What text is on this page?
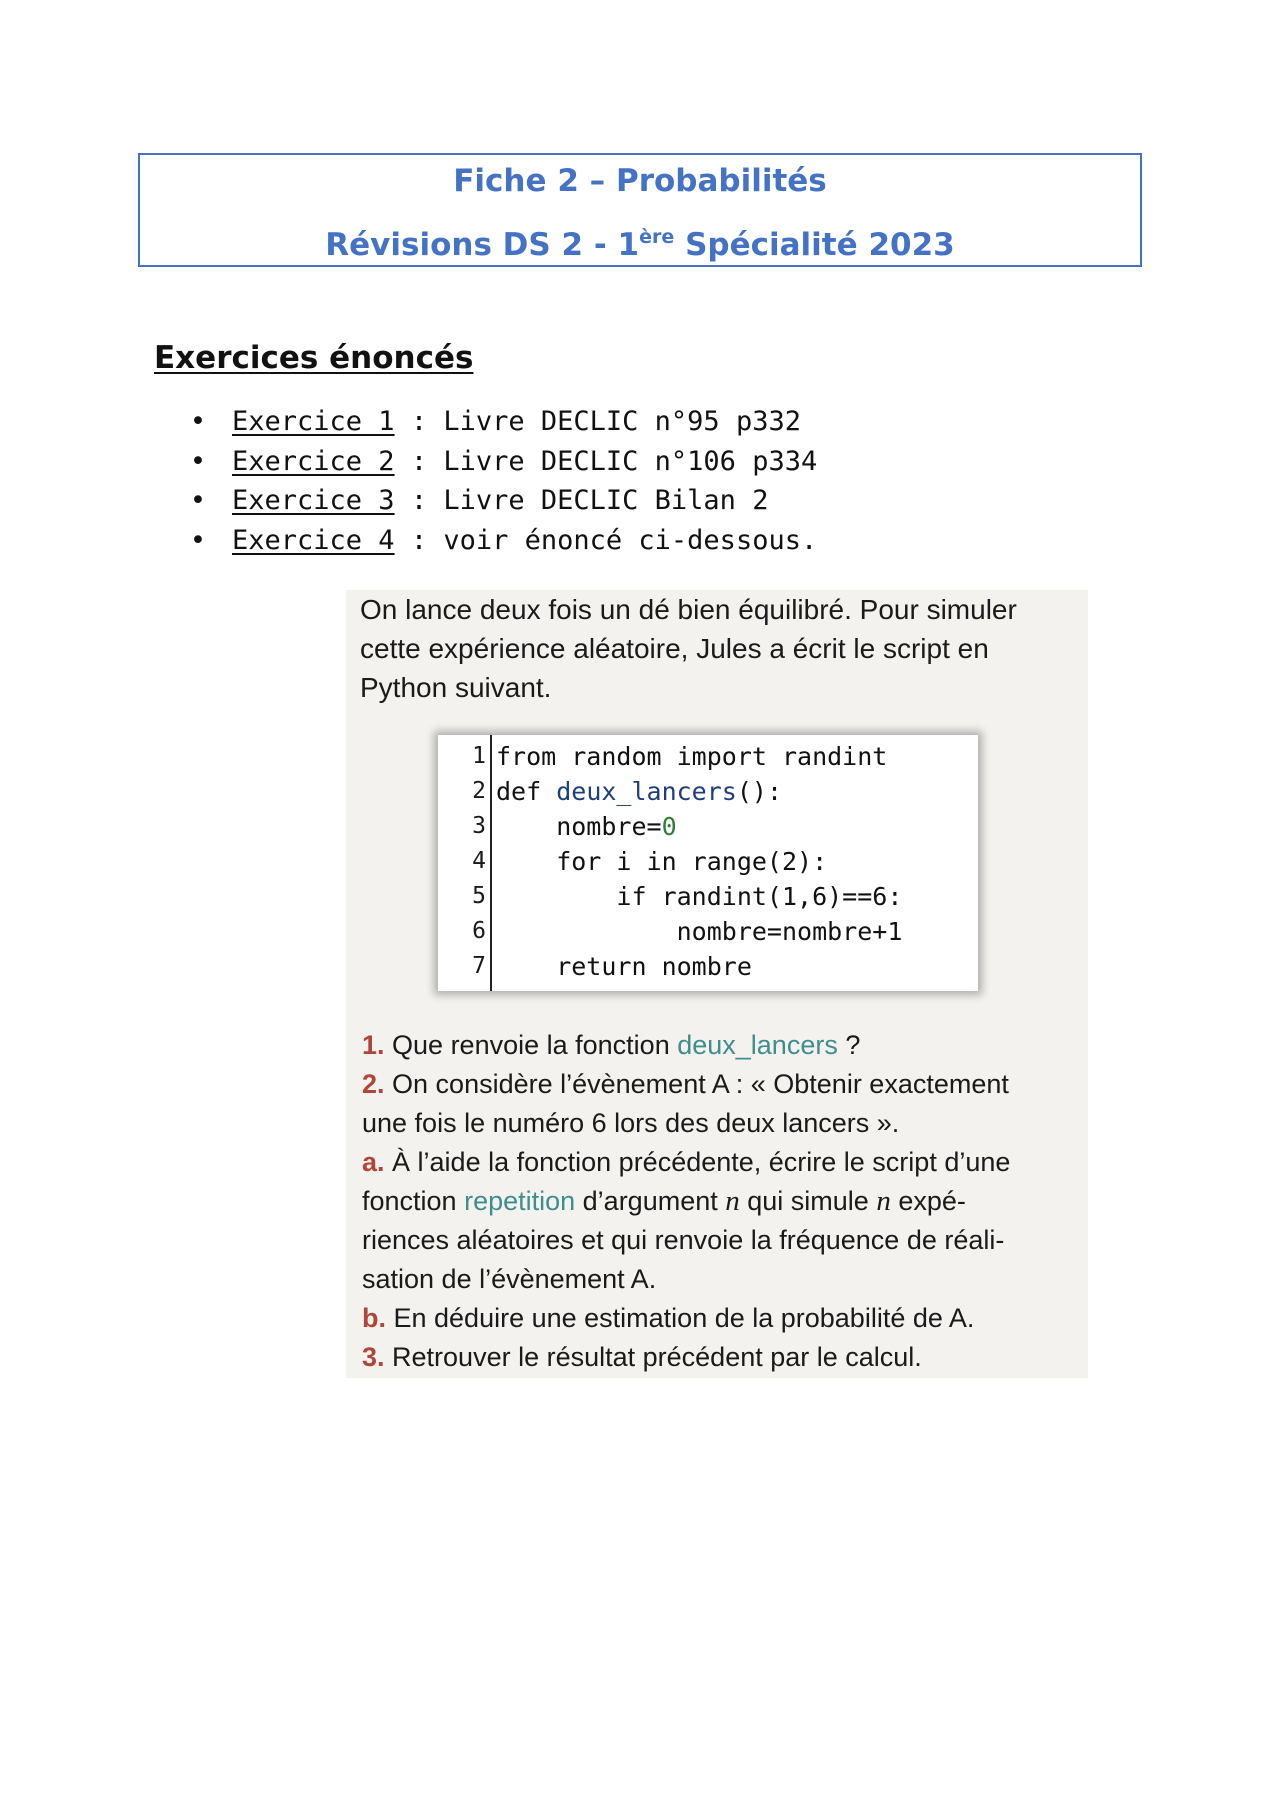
Fiche 2 – Probabilités
Révisions DS 2 - 1ère Spécialité 2023
Exercices énoncés
• Exercice 1 : Livre DECLIC n°95 p332
• Exercice 2 : Livre DECLIC n°106 p334
• Exercice 3 : Livre DECLIC Bilan 2
• Exercice 4 : voir énoncé ci-dessous.
On lance deux fois un dé bien équilibré. Pour simuler cette expérience aléatoire, Jules a écrit le script en Python suivant.
1
2
3
4
5
6
7
from random import randint
def deux_lancers():
nombre=0
for i in range(2):
if randint(1,6)==6:
nombre=nombre+1
return nombre
1. Que renvoie la fonction deux_lancers ?
2. On considère l’évènement A : « Obtenir exactement
une fois le numéro 6 lors des deux lancers ».
a. À l’aide la fonction précédente, écrire le script d’une
fonction repetition d’argument n qui simule n expé-
riences aléatoires et qui renvoie la fréquence de réali-
sation de l’évènement A.
b. En déduire une estimation de la probabilité de A.
3. Retrouver le résultat précédent par le calcul.
